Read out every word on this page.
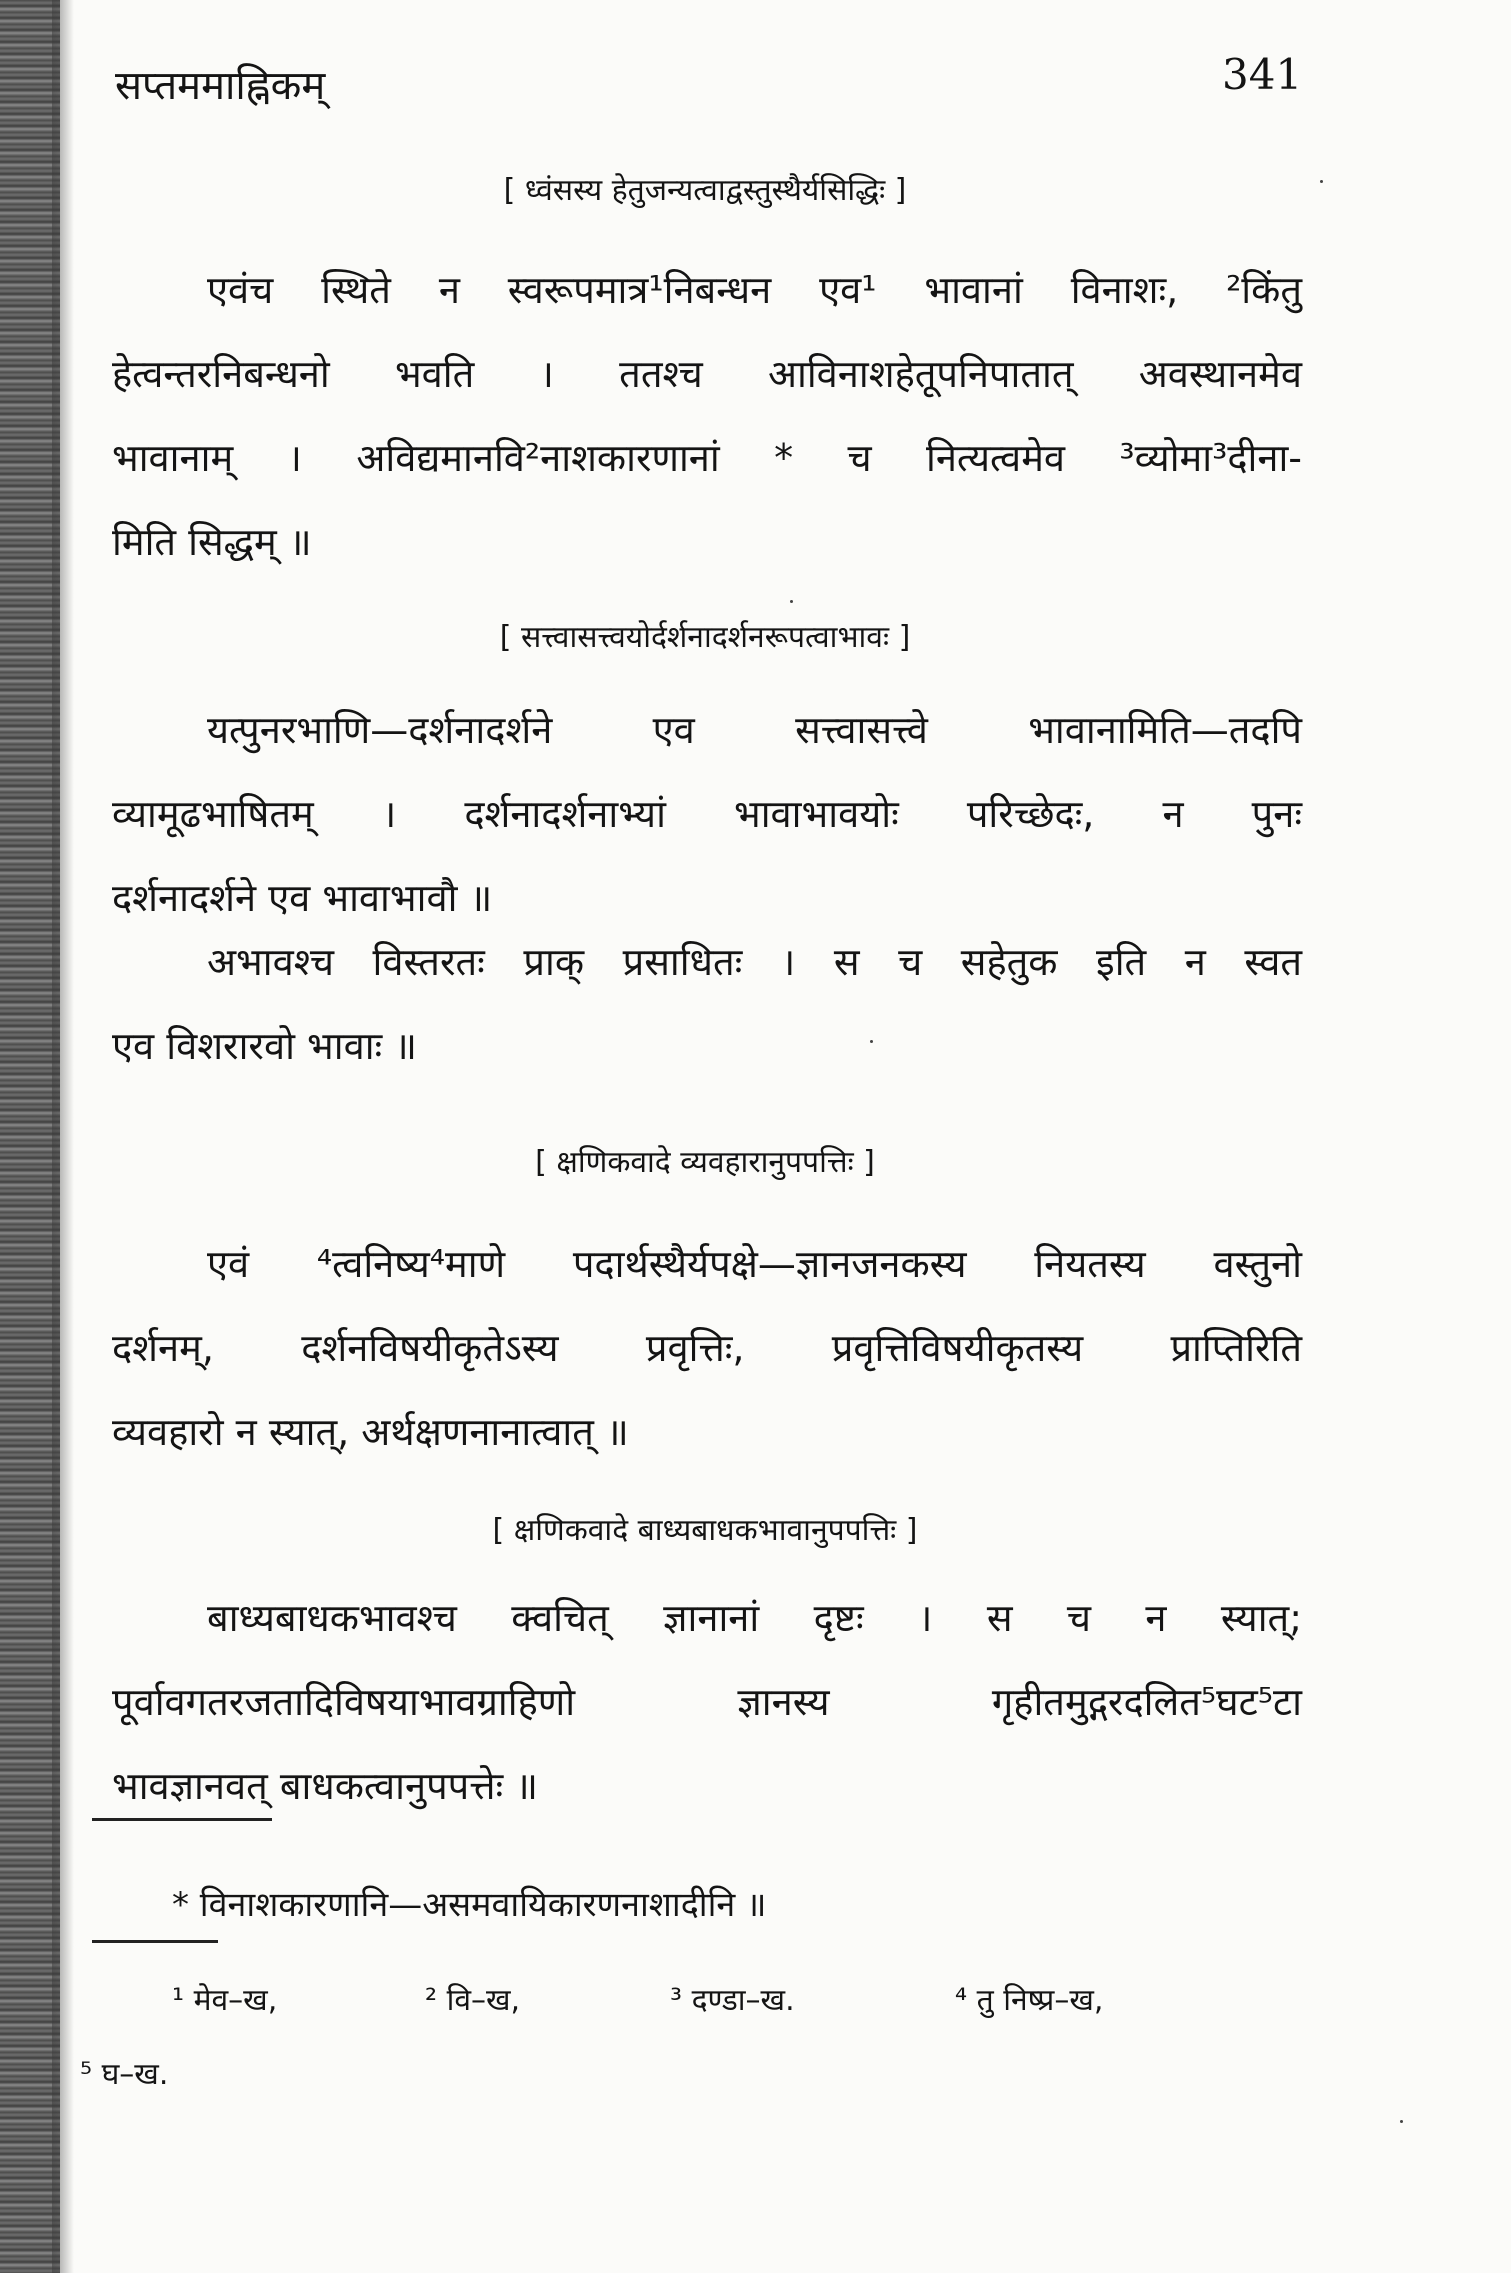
सप्तममाह्निकम्	341
[ ध्वंसस्य हेतुजन्यत्वाद्वस्तुस्थैर्यसिद्धिः ]

एवंच स्थिते न स्वरूपमात्र¹निबन्धन एव¹ भावानां विनाशः, ²किंतु
हेत्वन्तरनिबन्धनो भवति । ततश्च आविनाशहेतूपनिपातात् अवस्थानमेव
भावानाम् । अविद्यमानवि²नाशकारणानां * च नित्यत्वमेव ³व्योमा³दीना-
मिति सिद्धम् ॥

[ सत्त्वासत्त्वयोर्दर्शनादर्शनरूपत्वाभावः ]

यत्पुनरभाणि—दर्शनादर्शने एव सत्त्वासत्त्वे भावानामिति—तदपि
व्यामूढभाषितम् । दर्शनादर्शनाभ्यां भावाभावयोः परिच्छेदः, न पुनः
दर्शनादर्शने एव भावाभावौ ॥

अभावश्च विस्तरतः प्राक् प्रसाधितः । स च सहेतुक इति न स्वत
एव विशरारवो भावाः ॥

[ क्षणिकवादे व्यवहारानुपपत्तिः ]

एवं ⁴त्वनिष्य⁴माणे पदार्थस्थैर्यपक्षे—ज्ञानजनकस्य नियतस्य वस्तुनो
दर्शनम्, दर्शनविषयीकृतेऽस्य प्रवृत्तिः, प्रवृत्तिविषयीकृतस्य प्राप्तिरिति
व्यवहारो न स्यात्, अर्थक्षणनानात्वात् ॥

[ क्षणिकवादे बाध्यबाधकभावानुपपत्तिः ]

बाध्यबाधकभावश्च क्वचित् ज्ञानानां दृष्टः । स च न स्यात्;
पूर्वावगतरजतादिविषयाभावग्राहिणो ज्ञानस्य गृहीतमुद्गरदलित⁵घट⁵टा
भावज्ञानवत् बाधकत्वानुपपत्तेः ॥

* विनाशकारणानि—असमवायिकारणनाशादीनि ॥
¹ मेव–ख,	² वि–ख,	³ दण्डा–ख.	⁴ तु निष्प्र–ख,
⁵ घ–ख.
